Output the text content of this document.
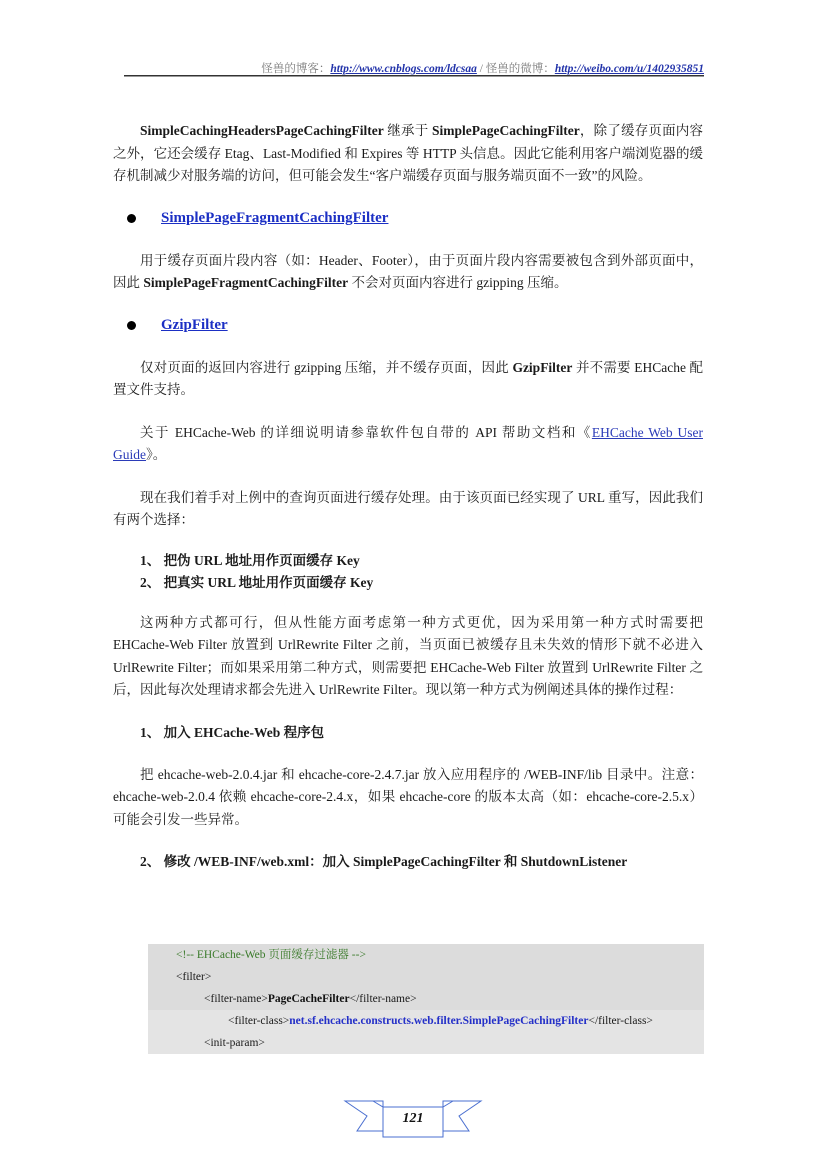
怪兽的博客：http://www.cnblogs.com/ldcsaa / 怪兽的微博：http://weibo.com/u/1402935851

SimpleCachingHeadersPageCachingFilter 继承于 SimplePageCachingFilter，除了缓存页面内容之外，它还会缓存 Etag、Last-Modified 和 Expires 等 HTTP 头信息。因此它能利用客户端浏览器的缓存机制减少对服务端的访问，但可能会发生“客户端缓存页面与服务端页面不一致”的风险。

SimplePageFragmentCachingFilter

用于缓存页面片段内容（如：Header、Footer），由于页面片段内容需要被包含到外部页面中，因此 SimplePageFragmentCachingFilter 不会对页面内容进行 gzipping 压缩。

GzipFilter

仅对页面的返回内容进行 gzipping 压缩，并不缓存页面，因此 GzipFilter 并不需要 EHCache 配置文件支持。

关于 EHCache-Web 的详细说明请参靠软件包自带的 API 帮助文档和《EHCache Web User Guide》。

现在我们着手对上例中的查询页面进行缓存处理。由于该页面已经实现了 URL 重写，因此我们有两个选择：

1、 把伪 URL 地址用作页面缓存 Key
2、 把真实 URL 地址用作页面缓存 Key

这两种方式都可行，但从性能方面考虑第一种方式更优，因为采用第一种方式时需要把 EHCache-Web Filter 放置到 UrlRewrite Filter 之前，当页面已被缓存且未失效的情形下就不必进入 UrlRewrite Filter；而如果采用第二种方式，则需要把 EHCache-Web Filter 放置到 UrlRewrite Filter 之后，因此每次处理请求都会先进入 UrlRewrite Filter。现以第一种方式为例阐述具体的操作过程：

1、 加入 EHCache-Web 程序包

把 ehcache-web-2.0.4.jar 和 ehcache-core-2.4.7.jar 放入应用程序的 /WEB-INF/lib 目录中。注意：ehcache-web-2.0.4 依赖 ehcache-core-2.4.x，如果 ehcache-core 的版本太高（如：ehcache-core-2.5.x）可能会引发一些异常。

2、 修改 /WEB-INF/web.xml：加入 SimplePageCachingFilter 和 ShutdownListener
<!-- EHCache-Web 页面缓存过滤器 -->
<filter>
<filter-name>PageCacheFilter</filter-name>
<filter-class>net.sf.ehcache.constructs.web.filter.SimplePageCachingFilter</filter-class>
<init-param>
121
